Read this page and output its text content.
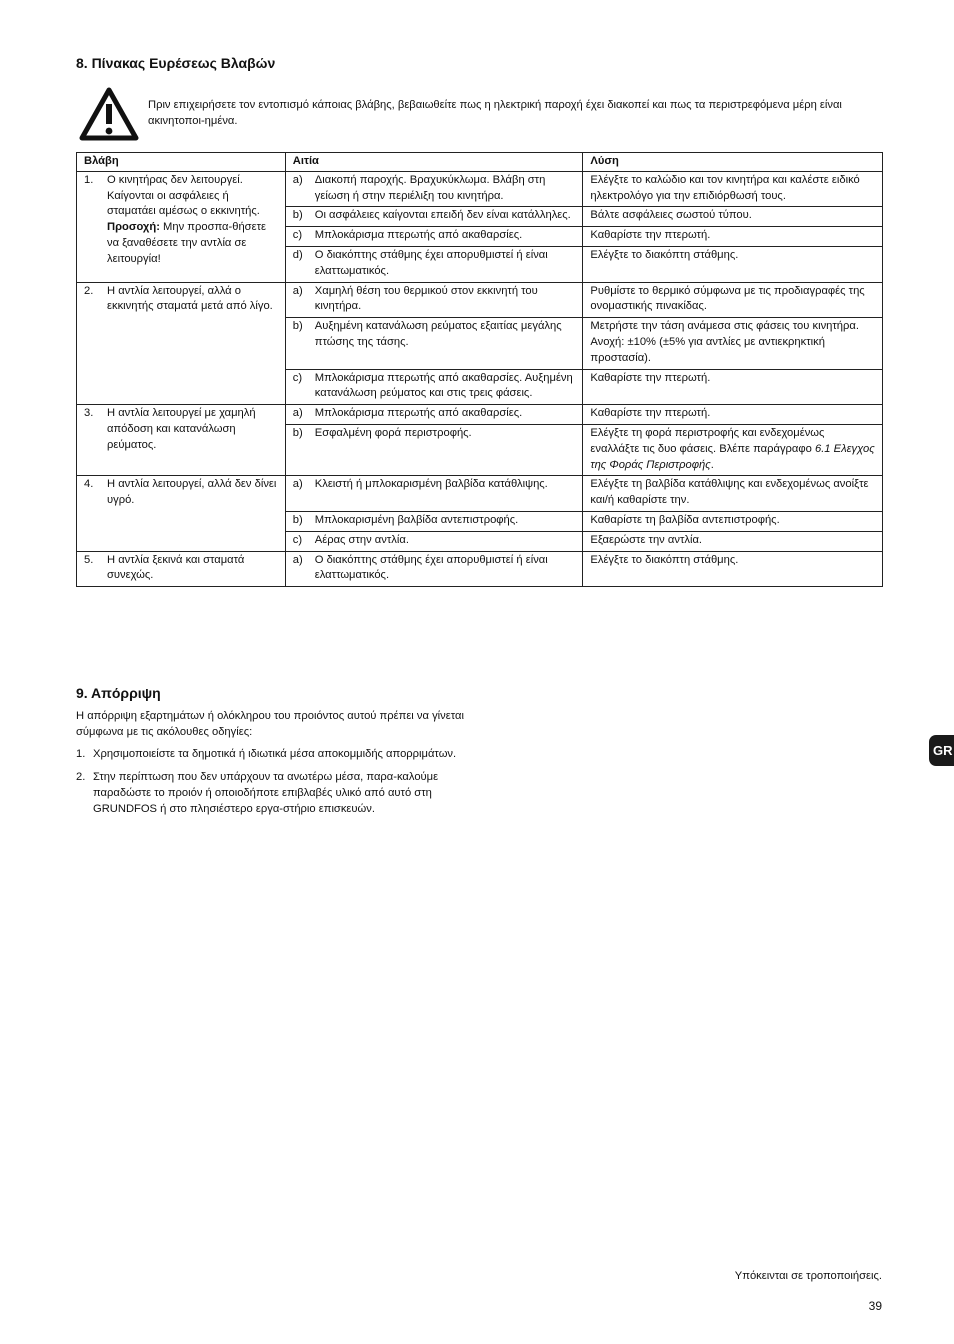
8. Πίνακας Ευρέσεως Βλαβών
Πριν επιχειρήσετε τον εντοπισμό κάποιας βλάβης, βεβαιωθείτε πως η ηλεκτρική παροχή έχει διακοπεί και πως τα περιστρεφόμενα μέρη είναι ακινητοποι-ημένα.
Βλάβη	Αιτία	Λύση

1. Ο κινητήρας δεν λειτουργεί. Καίγονται οι ασφάλειες ή σταματάει αμέσως ο εκκινητής.
Προσοχή: Μην προσπα-θήσετε να ξαναθέσετε την αντλία σε λειτουργία!	a) Διακοπή παροχής. Βραχυκύκλωμα. Βλάβη στη γείωση ή στην περιέλιξη του κινητήρα.	Ελέγξτε το καλώδιο και τον κινητήρα και καλέστε ειδικό ηλεκτρολόγο για την επιδιόρθωσή τους.

	b) Οι ασφάλειες καίγονται επειδή δεν είναι κατάλληλες.	Βάλτε ασφάλειες σωστού τύπου.

	c) Μπλοκάρισμα πτερωτής από ακαθαρσίες.	Καθαρίστε την πτερωτή.

	d) Ο διακόπτης στάθμης έχει απορυθμιστεί ή είναι ελαττωματικός.	Ελέγξτε το διακόπτη στάθμης.

2. Η αντλία λειτουργεί, αλλά ο εκκινητής σταματά μετά από λίγο.	a) Χαμηλή θέση του θερμικού στον εκκινητή του κινητήρα.	Ρυθμίστε το θερμικό σύμφωνα με τις προδιαγραφές της ονομαστικής πινακίδας.

	b) Αυξημένη κατανάλωση ρεύματος εξαιτίας μεγάλης πτώσης της τάσης.	Μετρήστε την τάση ανάμεσα στις φάσεις του κινητήρα. Ανοχή: ±10% (±5% για αντλίες με αντιεκρηκτική προστασία).

	c) Μπλοκάρισμα πτερωτής από ακαθαρσίες. Αυξημένη κατανάλωση ρεύματος και στις τρεις φάσεις.	Καθαρίστε την πτερωτή.

3. Η αντλία λειτουργεί με χαμηλή απόδοση και κατανάλωση ρεύματος.	a) Μπλοκάρισμα πτερωτής από ακαθαρσίες.	Καθαρίστε την πτερωτή.

	b) Εσφαλμένη φορά περιστροφής.	Ελέγξτε τη φορά περιστροφής και ενδεχομένως εναλλάξτε τις δυο φάσεις. Βλέπε παράγραφο 6.1 Ελεγχος της Φοράς Περιστροφής.

4. Η αντλία λειτουργεί, αλλά δεν δίνει υγρό.	a) Κλειστή ή μπλοκαρισμένη βαλβίδα κατάθλιψης.	Ελέγξτε τη βαλβίδα κατάθλιψης και ενδεχομένως ανοίξτε και/ή καθαρίστε την.

	b) Μπλοκαρισμένη βαλβίδα αντεπιστροφής.	Καθαρίστε τη βαλβίδα αντεπιστροφής.

	c) Αέρας στην αντλία.	Εξαερώστε την αντλία.

5. Η αντλία ξεκινά και σταματά συνεχώς.	a) Ο διακόπτης στάθμης έχει απορυθμιστεί ή είναι ελαττωματικός.	Ελέγξτε το διακόπτη στάθμης.
9. Απόρριψη
Η απόρριψη εξαρτημάτων ή ολόκληρου του προιόντος αυτού πρέπει να γίνεται σύμφωνα με τις ακόλουθες οδηγίες:
1. Χρησιμοποιείστε τα δημοτικά ή ιδιωτικά μέσα αποκομμιδής απορριμάτων.
2. Στην περίπτωση που δεν υπάρχουν τα ανωτέρω μέσα, παρα-καλούμε παραδώστε το προιόν ή οποιοδήποτε επιβλαβές υλικό από αυτό στη GRUNDFOS ή στο πλησιέστερο εργα-στήριο επισκευών.
GR
Υπόκεινται σε τροποποιήσεις.
39
